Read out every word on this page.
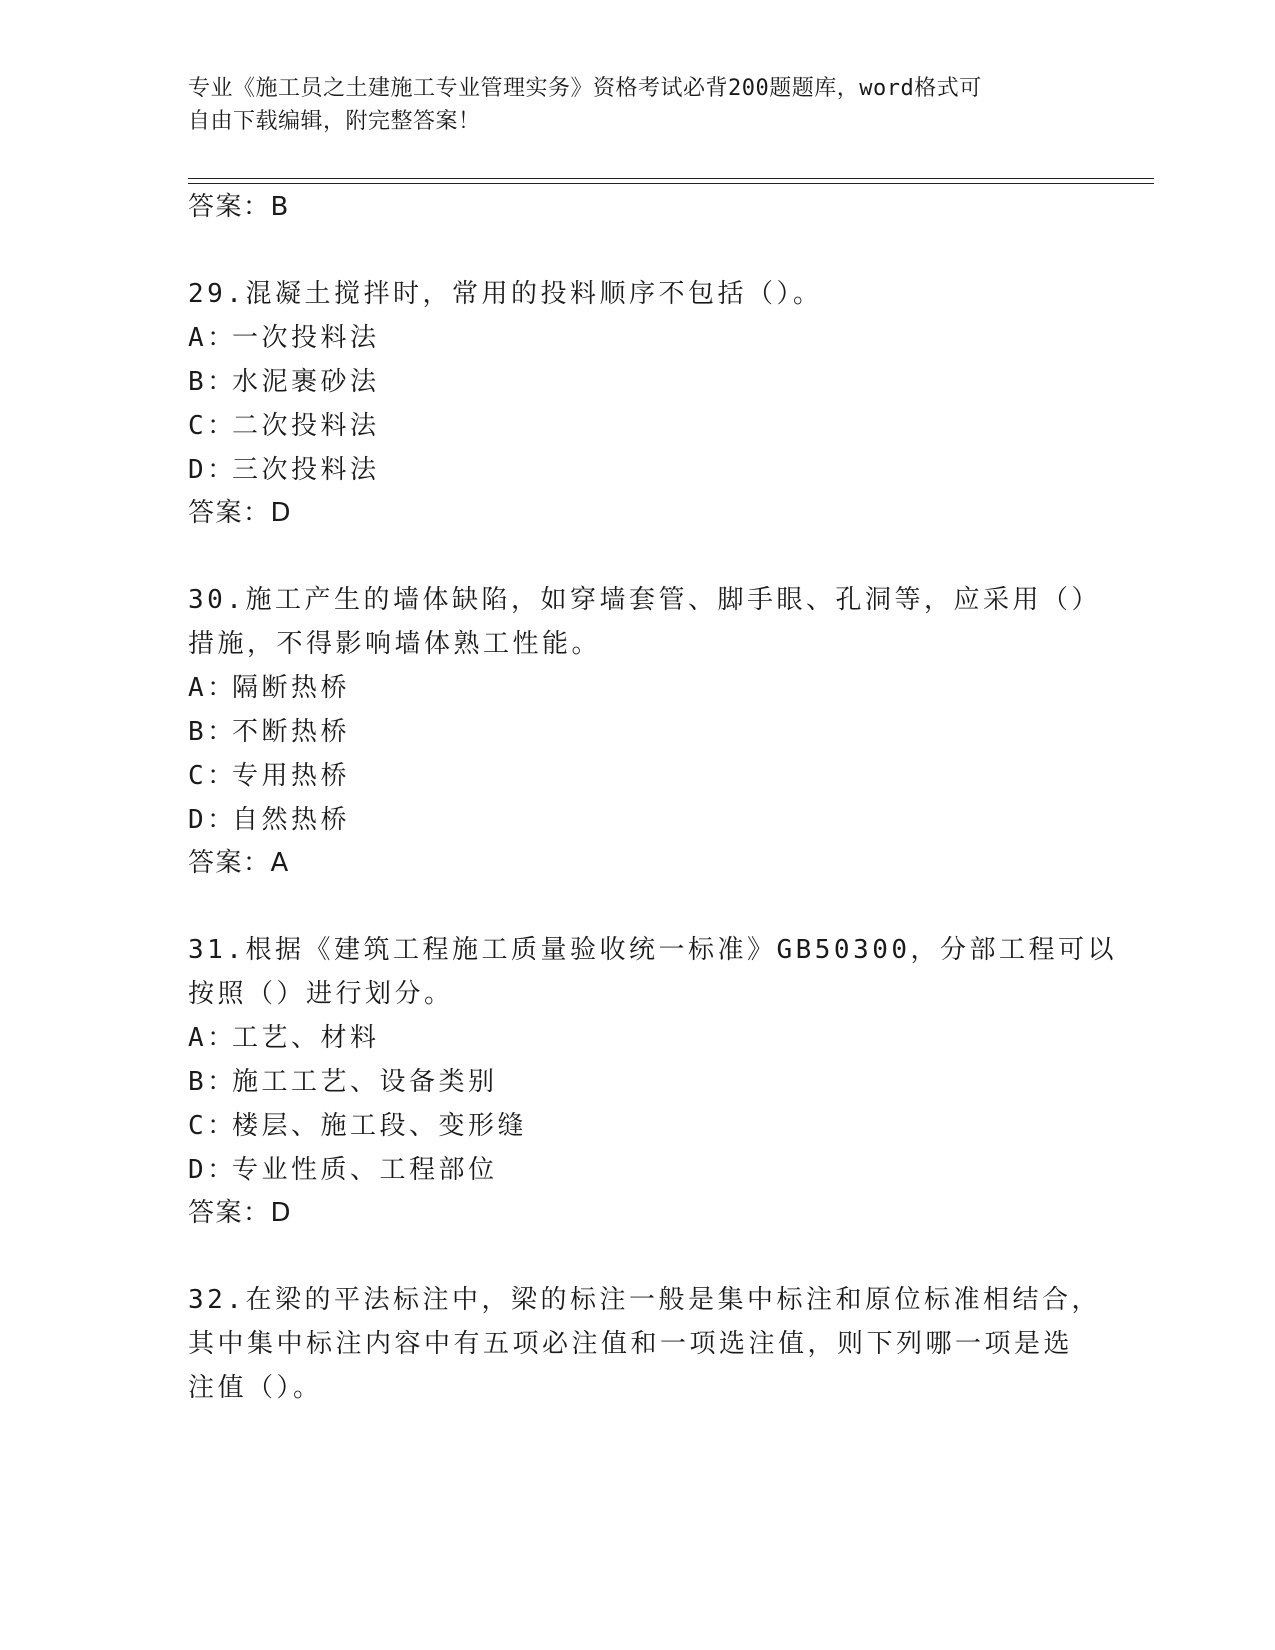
专业《施工员之土建施工专业管理实务》资格考试必背200题题库，word格式可
自由下载编辑，附完整答案！
答案：B
29.混凝土搅拌时，常用的投料顺序不包括（）。
A：一次投料法
B：水泥裹砂法
C：二次投料法
D：三次投料法
答案：D
30.施工产生的墙体缺陷，如穿墙套管、脚手眼、孔洞等，应采用（）
措施，不得影响墙体熟工性能。
A：隔断热桥
B：不断热桥
C：专用热桥
D：自然热桥
答案：A
31.根据《建筑工程施工质量验收统一标准》GB50300，分部工程可以
按照（）进行划分。
A：工艺、材料
B：施工工艺、设备类别
C：楼层、施工段、变形缝
D：专业性质、工程部位
答案：D
32.在梁的平法标注中，梁的标注一般是集中标注和原位标准相结合，
其中集中标注内容中有五项必注值和一项选注值，则下列哪一项是选
注值（）。
